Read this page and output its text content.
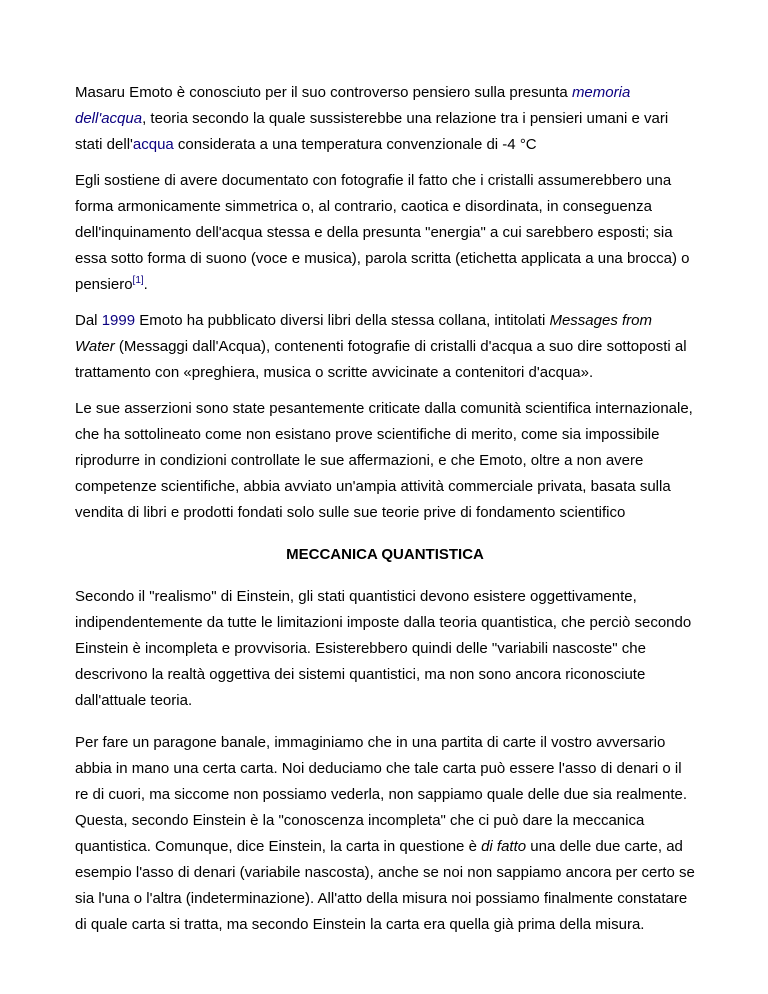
Masaru Emoto è conosciuto per il suo controverso pensiero sulla presunta memoria dell'acqua, teoria secondo la quale sussisterebbe una relazione tra i pensieri umani e vari stati dell'acqua considerata a una temperatura convenzionale di -4 °C

Egli sostiene di avere documentato con fotografie il fatto che i cristalli assumerebbero una forma armonicamente simmetrica o, al contrario, caotica e disordinata, in conseguenza dell'inquinamento dell'acqua stessa e della presunta "energia" a cui sarebbero esposti; sia essa sotto forma di suono (voce e musica), parola scritta (etichetta applicata a una brocca) o pensiero[1].

Dal 1999 Emoto ha pubblicato diversi libri della stessa collana, intitolati Messages from Water (Messaggi dall'Acqua), contenenti fotografie di cristalli d'acqua a suo dire sottoposti al trattamento con «preghiera, musica o scritte avvicinate a contenitori d'acqua».

Le sue asserzioni sono state pesantemente criticate dalla comunità scientifica internazionale, che ha sottolineato come non esistano prove scientifiche di merito, come sia impossibile riprodurre in condizioni controllate le sue affermazioni, e che Emoto, oltre a non avere competenze scientifiche, abbia avviato un'ampia attività commerciale privata, basata sulla vendita di libri e prodotti fondati solo sulle sue teorie prive di fondamento scientifico

MECCANICA QUANTISTICA

Secondo il "realismo" di Einstein, gli stati quantistici devono esistere oggettivamente, indipendentemente da tutte le limitazioni imposte dalla teoria quantistica, che perciò secondo Einstein è incompleta e provvisoria. Esisterebbero quindi delle "variabili nascoste" che descrivono la realtà oggettiva dei sistemi quantistici, ma non sono ancora riconosciute dall'attuale teoria.

Per fare un paragone banale, immaginiamo che in una partita di carte il vostro avversario abbia in mano una certa carta. Noi deduciamo che tale carta può essere l'asso di denari o il re di cuori, ma siccome non possiamo vederla, non sappiamo quale delle due sia realmente. Questa, secondo Einstein è la "conoscenza incompleta" che ci può dare la meccanica quantistica. Comunque, dice Einstein, la carta in questione è di fatto una delle due carte, ad esempio l'asso di denari (variabile nascosta), anche se noi non sappiamo ancora per certo se sia l'una o l'altra (indeterminazione). All'atto della misura noi possiamo finalmente constatare di quale carta si tratta, ma secondo Einstein la carta era quella già prima della misura.
